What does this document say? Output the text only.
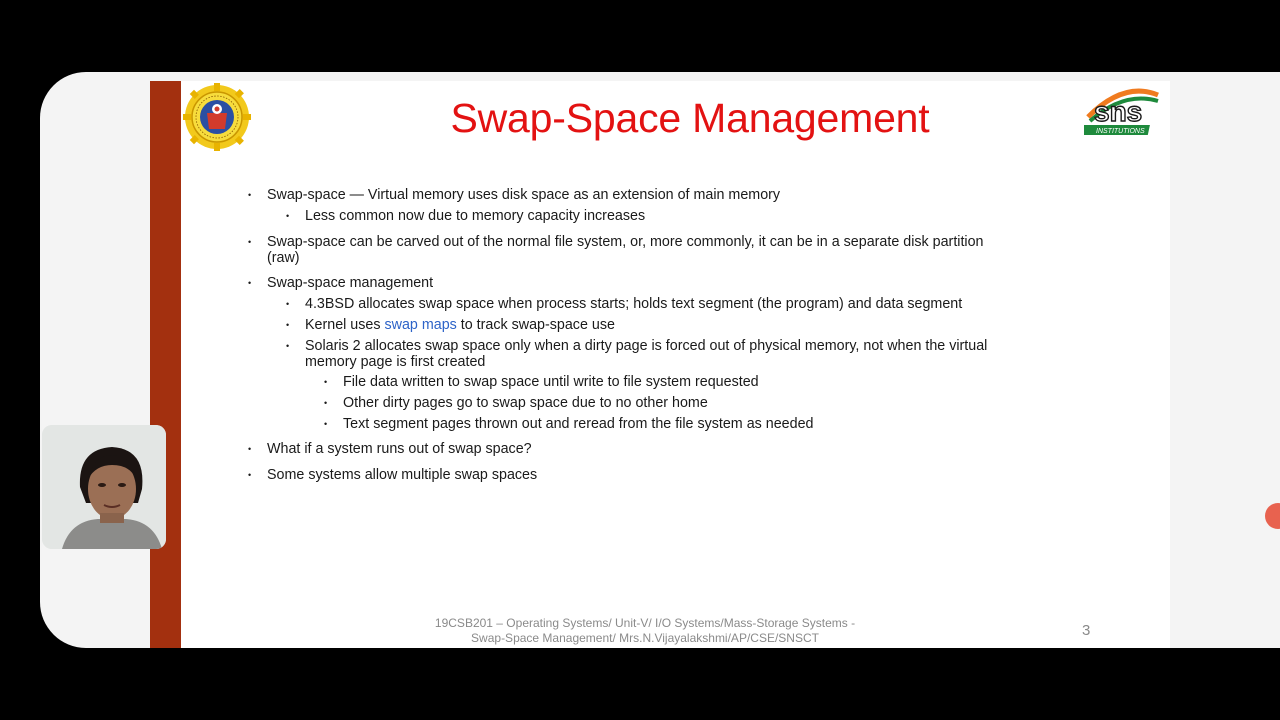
Swap-Space Management	sns
INSTITUTIONS
• Swap-space — Virtual memory uses disk space as an extension of main memory
• Less common now due to memory capacity increases
• Swap-space can be carved out of the normal file system, or, more commonly, it can be in a separate disk partition
(raw)
• Swap-space management
• 4.3BSD allocates swap space when process starts; holds text segment (the program) and data segment
• Kernel uses swap maps to track swap-space use
• Solaris 2 allocates swap space only when a dirty page is forced out of physical memory, not when the virtual
memory page is first created
• File data written to swap space until write to file system requested
• Other dirty pages go to swap space due to no other home
• Text segment pages thrown out and reread from the file system as needed
• What if a system runs out of swap space?
• Some systems allow multiple swap spaces
19CSB201 – Operating Systems/ Unit-V/ I/O Systems/Mass-Storage Systems -
Swap-Space Management/ Mrs.N.Vijayalakshmi/AP/CSE/SNSCT	3
